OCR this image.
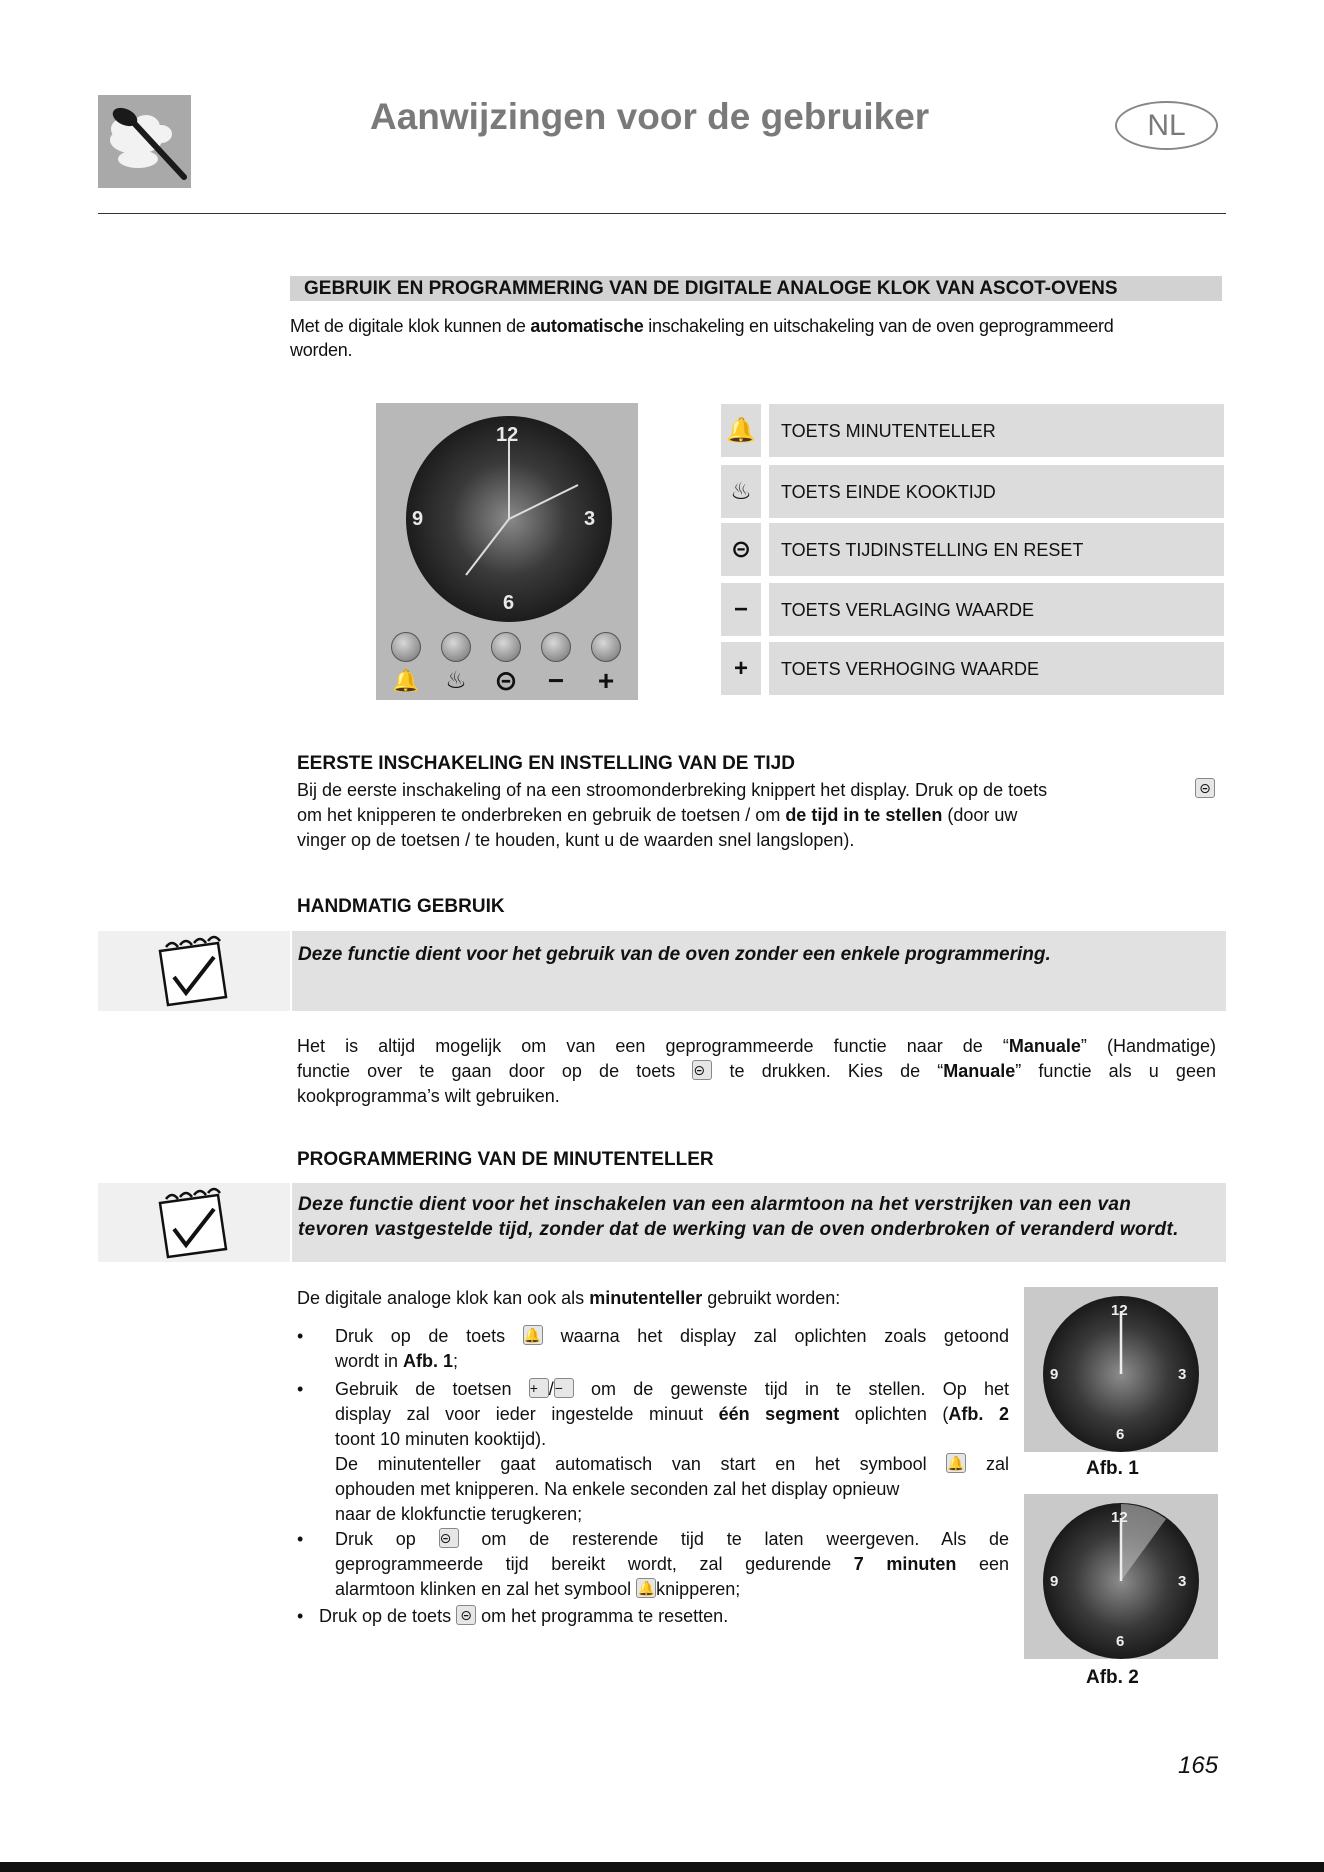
Aanwijzingen voor de gebruiker	NL
GEBRUIK EN PROGRAMMERING VAN DE DIGITALE ANALOGE KLOK VAN ASCOT-OVENS
Met de digitale klok kunnen de automatische inschakeling en uitschakeling van de oven geprogrammeerd
worden.
12
3
6
9
🔔	♨ ⊝	−	+
🔔	TOETS MINUTENTELLER
♨	TOETS EINDE KOOKTIJD
⊝	TOETS TIJDINSTELLING EN RESET
−	TOETS VERLAGING WAARDE
+	TOETS VERHOGING WAARDE
EERSTE INSCHAKELING EN INSTELLING VAN DE TIJD
Bij de eerste inschakeling of na een stroomonderbreking knippert het display. Druk op de toets
om het knipperen te onderbreken en gebruik de toetsen / om de tijd in te stellen (door uw
vinger op de toetsen / te houden, kunt u de waarden snel langslopen).
⊝
HANDMATIG GEBRUIK
Deze functie dient voor het gebruik van de oven zonder een enkele programmering.
Het is altijd mogelijk om van een geprogrammeerde functie naar de “Manuale” (Handmatige)
functie over te gaan door op de toets ⊝ te drukken. Kies de “Manuale” functie als u geen
kookprogramma’s wilt gebruiken.
PROGRAMMERING VAN DE MINUTENTELLER
Deze functie dient voor het inschakelen van een alarmtoon na het verstrijken van een van
tevoren vastgestelde tijd, zonder dat de werking van de oven onderbroken of veranderd wordt.
De digitale analoge klok kan ook als minutenteller gebruikt worden:
• Druk op de toets 🔔 waarna het display zal oplichten zoals getoond
wordt in Afb. 1;
• Gebruik de toetsen + /− om de gewenste tijd in te stellen. Op het
display zal voor ieder ingestelde minuut één segment oplichten (Afb. 2
toont 10 minuten kooktijd).
De minutenteller gaat automatisch van start en het symbool 🔔 zal
ophouden met knipperen. Na enkele seconden zal het display opnieuw
naar de klokfunctie terugkeren;
• Druk op ⊝ om de resterende tijd te laten weergeven. Als de
geprogrammeerde tijd bereikt wordt, zal gedurende 7 minuten een
alarmtoon klinken en zal het symbool 🔔knipperen;
• Druk op de toets ⊝ om het programma te resetten.
12
3
6
9
Afb. 1
12
3
6
9
Afb. 2
165
